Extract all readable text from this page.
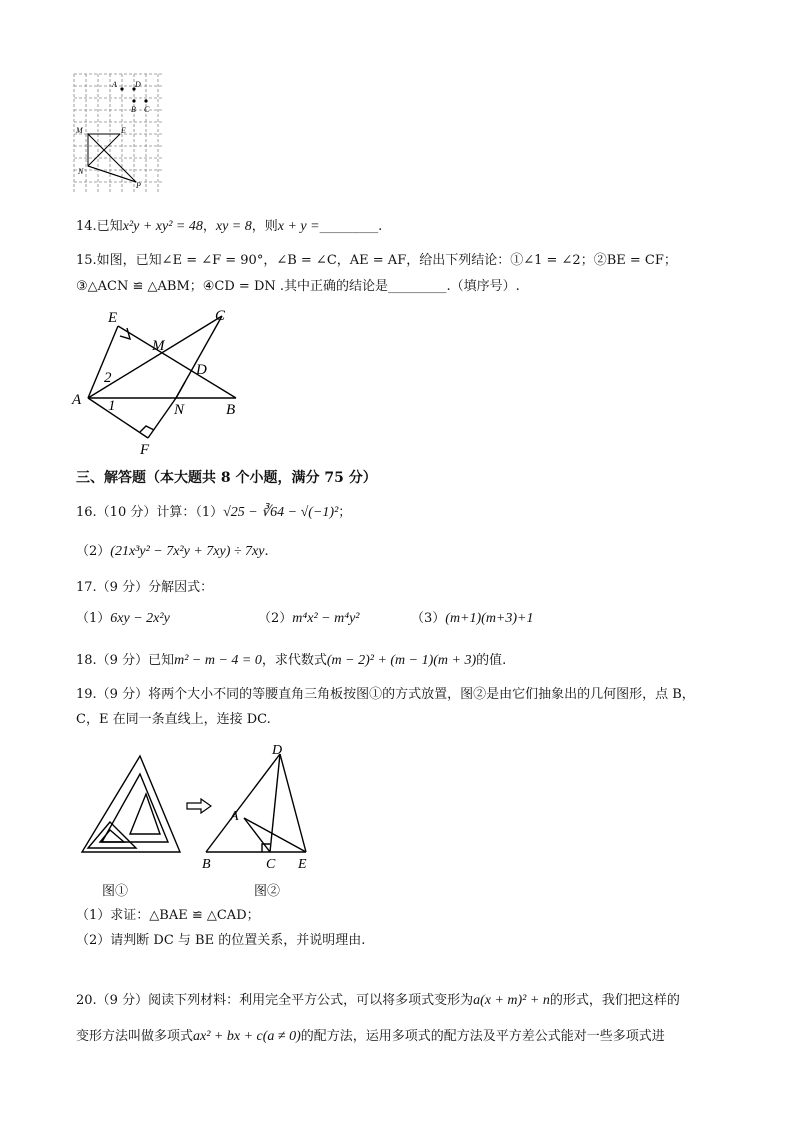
A D
B C
M	E
N
P
14.已知x²y + xy² = 48，xy = 8，则x + y =_________.
15.如图，已知∠E = ∠F = 90°，∠B = ∠C，AE = AF，给出下列结论：①∠1 = ∠2；②BE = CF；
③△ACN ≌ △ABM；④CD = DN .其中正确的结论是_________.（填序号）.
E	C
M
2	D
A 1	N	B
F
三、解答题（本大题共 8 个小题，满分 75 分）
16.（10 分）计算：（1）√25 − ∛64 − √(−1)²；
（2）(21x³y² − 7x²y + 7xy) ÷ 7xy.
17.（9 分）分解因式：
（1）6xy − 2x²y	（2）m⁴x² − m⁴y²	（3）(m+1)(m+3)+1
18.（9 分）已知m² − m − 4 = 0，求代数式(m − 2)² + (m − 1)(m + 3)的值.
19.（9 分）将两个大小不同的等腰直角三角板按图①的方式放置，图②是由它们抽象出的几何图形，点 B，
C，E 在同一条直线上，连接 DC.
D
A
B	C E
图①	图②
（1）求证：△BAE ≌ △CAD；
（2）请判断 DC 与 BE 的位置关系，并说明理由.
20.（9 分）阅读下列材料：利用完全平方公式，可以将多项式变形为a(x + m)² + n的形式，我们把这样的
变形方法叫做多项式ax² + bx + c(a ≠ 0)的配方法，运用多项式的配方法及平方差公式能对一些多项式进
